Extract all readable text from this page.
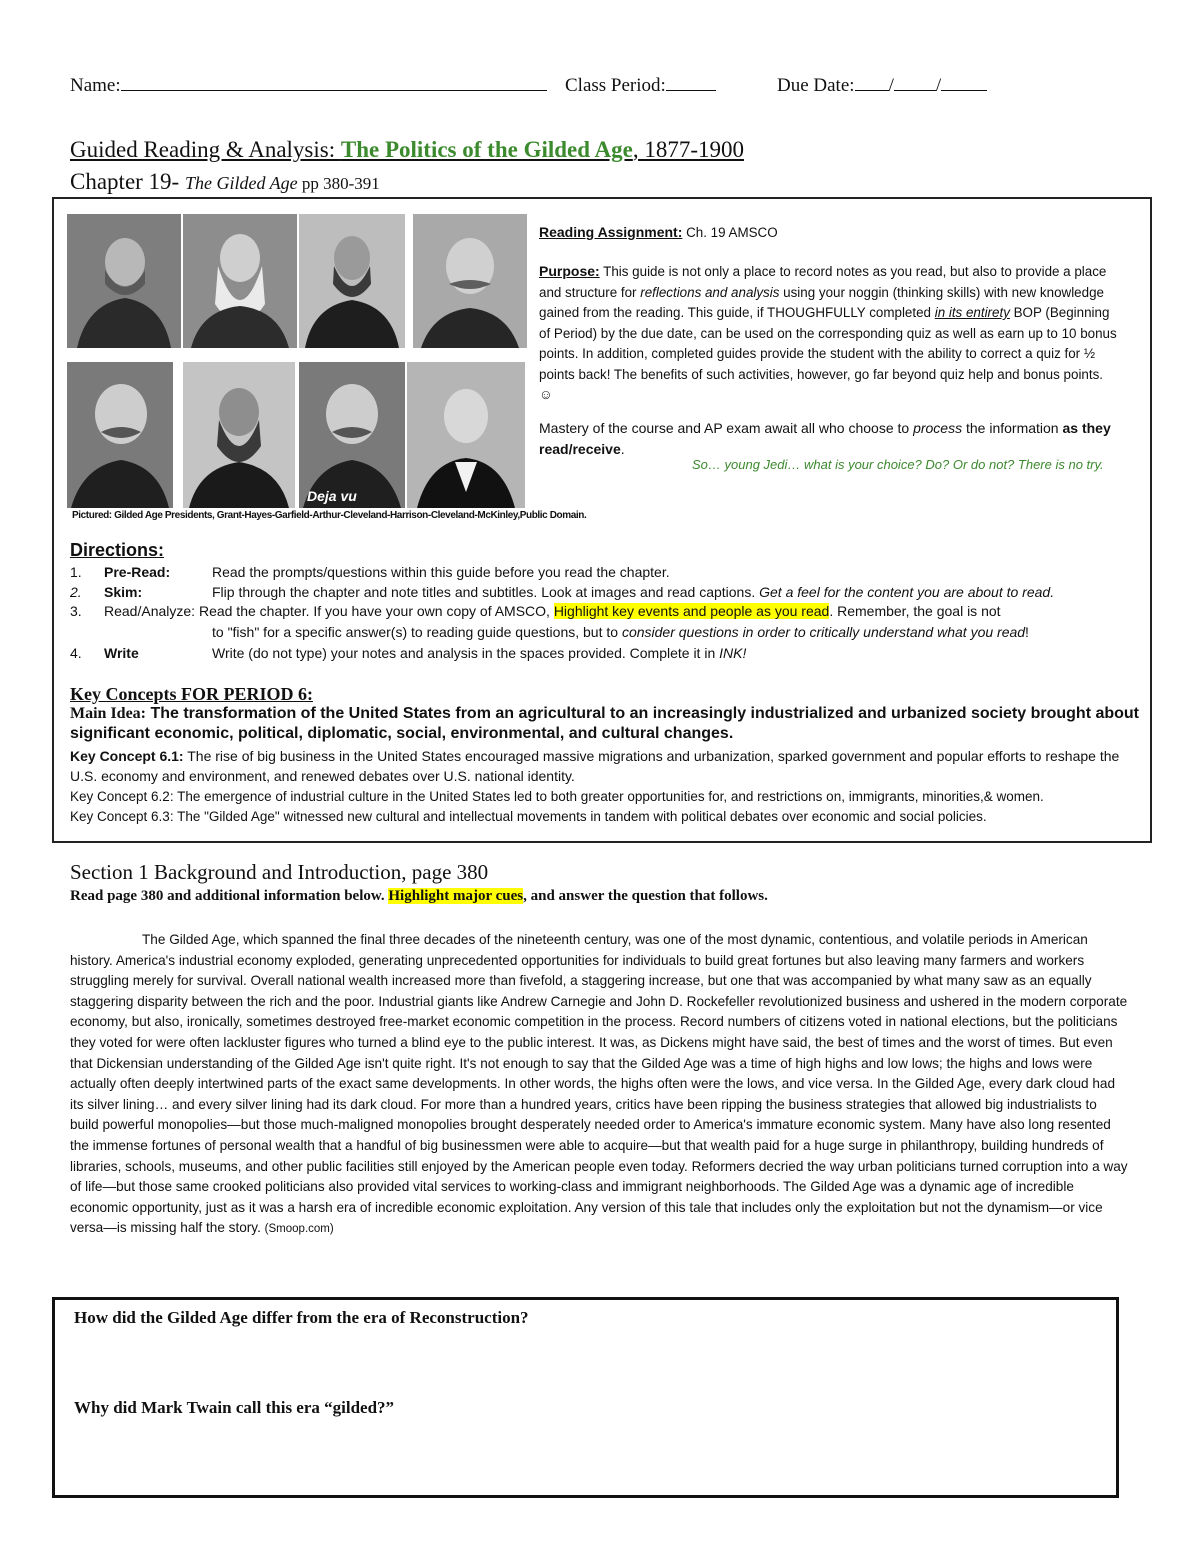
Name:	Class Period:	Due Date: / /
Guided Reading & Analysis: The Politics of the Gilded Age, 1877-1900
Chapter 19- The Gilded Age pp 380-391
Deja vu
Pictured: Gilded Age Presidents, Grant-Hayes-Garfield-Arthur-Cleveland-Harrison-Cleveland-McKinley,Public Domain.
Reading Assignment: Ch. 19 AMSCO
Purpose: This guide is not only a place to record notes as you read, but also to provide a place and structure for reflections and analysis using your noggin (thinking skills) with new knowledge gained from the reading. This guide, if THOUGHFULLY completed in its entirety BOP (Beginning of Period) by the due date, can be used on the corresponding quiz as well as earn up to 10 bonus points. In addition, completed guides provide the student with the ability to correct a quiz for ½ points back! The benefits of such activities, however, go far beyond quiz help and bonus points. ☺
Mastery of the course and AP exam await all who choose to process the information as they read/receive.
So… young Jedi… what is your choice? Do? Or do not? There is no try.
Directions:
1. Pre-Read:	Read the prompts/questions within this guide before you read the chapter.
2. Skim:	Flip through the chapter and note titles and subtitles. Look at images and read captions. Get a feel for the content you are about to read.
3. Read/Analyze: Read the chapter. If you have your own copy of AMSCO, Highlight key events and people as you read. Remember, the goal is not
to "fish" for a specific answer(s) to reading guide questions, but to consider questions in order to critically understand what you read!
4. Write	Write (do not type) your notes and analysis in the spaces provided. Complete it in INK!
Key Concepts FOR PERIOD 6:
Main Idea: The transformation of the United States from an agricultural to an increasingly industrialized and urbanized society brought about significant economic, political, diplomatic, social, environmental, and cultural changes.
Key Concept 6.1: The rise of big business in the United States encouraged massive migrations and urbanization, sparked government and popular efforts to reshape the U.S. economy and environment, and renewed debates over U.S. national identity.
Key Concept 6.2: The emergence of industrial culture in the United States led to both greater opportunities for, and restrictions on, immigrants, minorities,& women.
Key Concept 6.3: The "Gilded Age" witnessed new cultural and intellectual movements in tandem with political debates over economic and social policies.
Section 1 Background and Introduction, page 380
Read page 380 and additional information below. Highlight major cues, and answer the question that follows.
The Gilded Age, which spanned the final three decades of the nineteenth century, was one of the most dynamic, contentious, and volatile periods in American history. America's industrial economy exploded, generating unprecedented opportunities for individuals to build great fortunes but also leaving many farmers and workers struggling merely for survival. Overall national wealth increased more than fivefold, a staggering increase, but one that was accompanied by what many saw as an equally staggering disparity between the rich and the poor. Industrial giants like Andrew Carnegie and John D. Rockefeller revolutionized business and ushered in the modern corporate economy, but also, ironically, sometimes destroyed free-market economic competition in the process. Record numbers of citizens voted in national elections, but the politicians they voted for were often lackluster figures who turned a blind eye to the public interest. It was, as Dickens might have said, the best of times and the worst of times. But even that Dickensian understanding of the Gilded Age isn't quite right. It's not enough to say that the Gilded Age was a time of high highs and low lows; the highs and lows were actually often deeply intertwined parts of the exact same developments. In other words, the highs often were the lows, and vice versa. In the Gilded Age, every dark cloud had its silver lining… and every silver lining had its dark cloud. For more than a hundred years, critics have been ripping the business strategies that allowed big industrialists to build powerful monopolies—but those much-maligned monopolies brought desperately needed order to America's immature economic system. Many have also long resented the immense fortunes of personal wealth that a handful of big businessmen were able to acquire—but that wealth paid for a huge surge in philanthropy, building hundreds of libraries, schools, museums, and other public facilities still enjoyed by the American people even today. Reformers decried the way urban politicians turned corruption into a way of life—but those same crooked politicians also provided vital services to working-class and immigrant neighborhoods. The Gilded Age was a dynamic age of incredible economic opportunity, just as it was a harsh era of incredible economic exploitation. Any version of this tale that includes only the exploitation but not the dynamism—or vice versa—is missing half the story. (Smoop.com)
How did the Gilded Age differ from the era of Reconstruction?
Why did Mark Twain call this era “gilded?”
